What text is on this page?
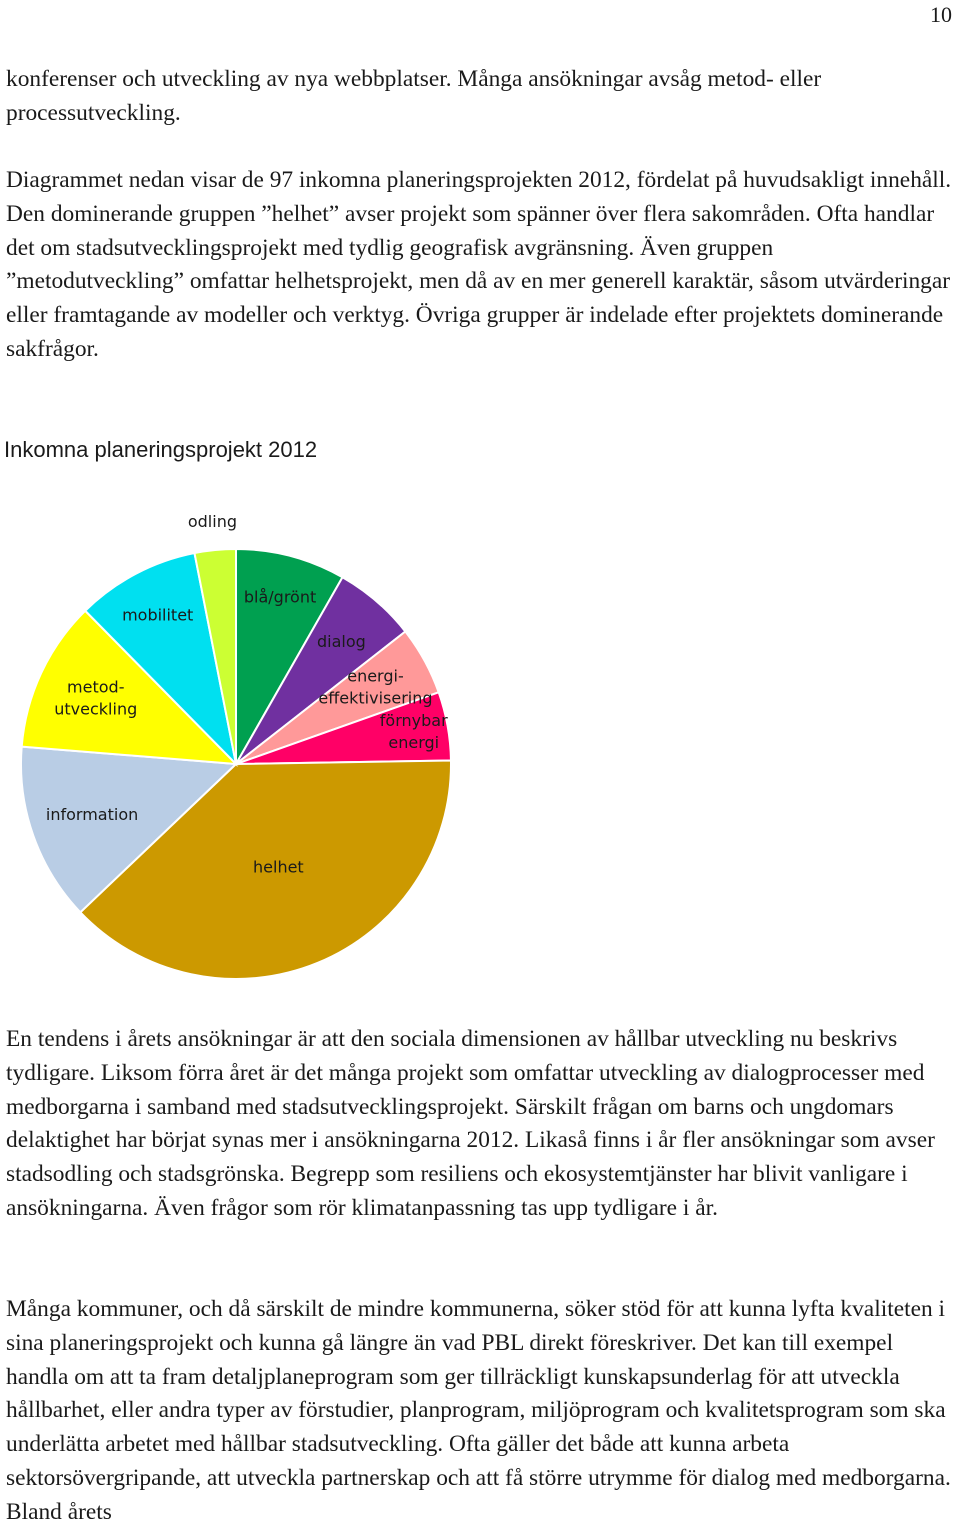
10

konferenser och utveckling av nya webbplatser. Många ansökningar avsåg metod- eller processutveckling.

Diagrammet nedan visar de 97 inkomna planeringsprojekten 2012, fördelat på huvudsakligt innehåll. Den dominerande gruppen ”helhet” avser projekt som spänner över flera sakområden. Ofta handlar det om stadsutvecklingsprojekt med tydlig geografisk avgränsning. Även gruppen ”metodutveckling” omfattar helhetsprojekt, men då av en mer generell karaktär, såsom utvärderingar eller framtagande av modeller och verktyg. Övriga grupper är indelade efter projektets dominerande sakfrågor.

Inkomna planeringsprojekt 2012
blå/grönt
dialog
energi-effektivisering
förnybar energi
helhet
information
metod-utveckling
mobilitet
odling

En tendens i årets ansökningar är att den sociala dimensionen av hållbar utveckling nu beskrivs tydligare. Liksom förra året är det många projekt som omfattar utveckling av dialogprocesser med medborgarna i samband med stadsutvecklingsprojekt. Särskilt frågan om barns och ungdomars delaktighet har börjat synas mer i ansökningarna 2012. Likaså finns i år fler ansökningar som avser stadsodling och stadsgrönska. Begrepp som resiliens och ekosystemtjänster har blivit vanligare i ansökningarna. Även frågor som rör klimatanpassning tas upp tydligare i år.

Många kommuner, och då särskilt de mindre kommunerna, söker stöd för att kunna lyfta kvaliteten i sina planeringsprojekt och kunna gå längre än vad PBL direkt föreskriver. Det kan till exempel handla om att ta fram detaljplaneprogram som ger tillräckligt kunskapsunderlag för att utveckla hållbarhet, eller andra typer av förstudier, planprogram, miljöprogram och kvalitetsprogram som ska underlätta arbetet med hållbar stadsutveckling. Ofta gäller det både att kunna arbeta sektorsövergripande, att utveckla partnerskap och att få större utrymme för dialog med medborgarna. Bland årets
